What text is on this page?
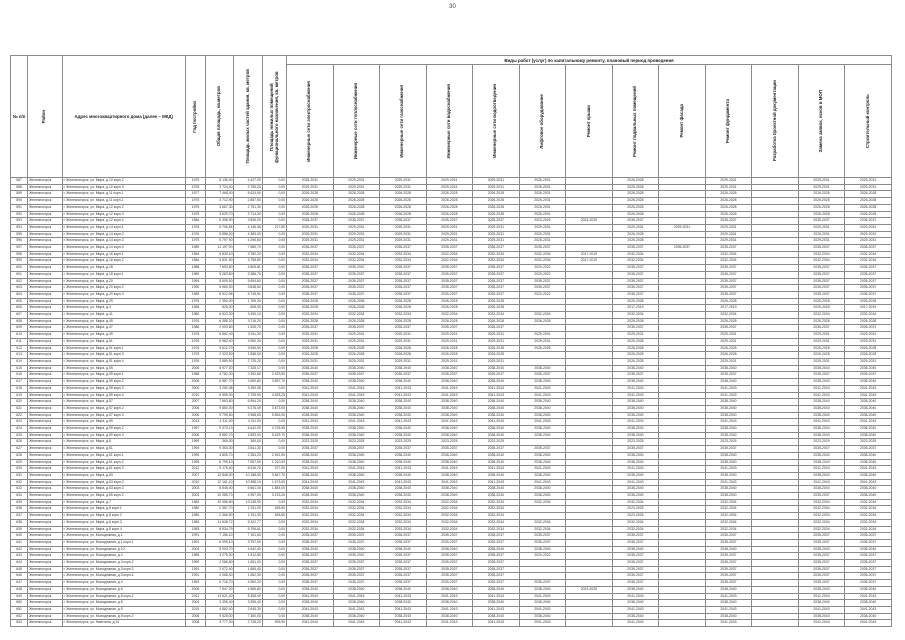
30
№ п/п	Район	Адрес многоквартирного дома (далее – МКД)	Год постройки	Общая площадь, кв.метров	Площадь жилых частей здания, кв. метров	Площадь нежилых помещений функционального назначения, кв. метров	Виды работ (услуг) по капитальному ремонту, плановый период проведения												

							Инженерные сети электроснабжения	Инженерные сети теплоснабжения	Инженерные сети газоснабжения	Инженерные сети водоснабжения	Инженерные сети водоотведения	Лифтовое оборудование	Ремонт крыши	Ремонт подвальных помещений	Ремонт фасада	Ремонт фундамента	Разработка проектной документации	Замена заявок, исков в МОП	Строительный контроль

587	Железногорск	г. Железногорск, ул. Мира, д.10 корп.2	1979	5 136,00	4 427,90	0,00	2025-2031	2029-2031	2029-2031	2029-2031	2029-2031	2026-2031		2026-2028		2029-2031		2029-2031	2029-2031
588	Железногорск	г. Железногорск, ул. Мира, д.10 корп.3	1978	3 724,40	2 755,20	0,00	2029-2031	2029-2031	2029-2031	2029-2031	2029-2031	2026-2031		2026-2028		2029-2031		2029-2031	2029-2031
589	Железногорск	г. Железногорск, ул. Мира, д.11 корп.1	1977	7 468,40	5 624,50	0,00	2026-2028	2026-2028	2026-2028	2026-2028	2026-2028	2026-2031		2026-2028		2026-2028		2026-2028	2026-2028
590	Железногорск	г. Железногорск, ул. Мира, д.11 корп.2	1975	3 712,90	2 857,50	0,00	2026-2028	2026-2028	2026-2028	2026-2028	2026-2028	2026-2031		2026-2028		2026-2028		2026-2028	2026-2028
591	Железногорск	г. Железногорск, ул. Мира, д.12 корп.2	1975	3 667,30	2 751,30	0,00	2026-2028	2026-2028	2026-2028	2026-2028	2026-2028	2026-2031		2026-2028		2026-2028		2026-2028	2026-2028
592	Железногорск	г. Железногорск, ул. Мира, д.12 корп.3	1975	3 629,70	2 714,30	0,00	2026-2028	2026-2028	2026-2028	2026-2028	2026-2028	2026-2031		2026-2028		2026-2028		2026-2028	2026-2028
593	Железногорск	г. Железногорск, ул. Мира, д.12 корп.4	1984	5 396,90	3 845,00	0,00	2035-2037	2035-2037	2035-2037	2035-2037	2035-2037	2023-2025	2023-2025	2035-2037		2035-2037		2035-2037	2035-2037
594	Железногорск	г. Железногорск, ул. Мира, д.14 корп.1	1976	5 706,84	4 146,06	217,80	2029-2031	2029-2031	2029-2031	2029-2031	2029-2031	2029-2031		2029-2031	2029-2031	2029-2031		2029-2031	2029-2031
595	Железногорск	г. Железногорск, ул. Мира, д.14 корп.2	1976	5 888,00	4 383,00	0,00	2029-2031	2029-2031	2029-2031	2029-2031	2029-2031	2029-2031		2026-2028		2029-2031		2029-2031	2029-2031
596	Железногорск	г. Железногорск, ул. Мира, д.14 корп.3	1975	5 797,90	4 296,60	0,00	2029-2031	2029-2031	2029-2031	2029-2031	2029-2031	2026-2031		2026-2028		2029-2031		2029-2031	2029-2031
597	Железногорск	г. Железногорск, ул. Мира, д.14 корп.4	1989	11 197,90	7 680,70	0,00	2035-2037	2035-2037	2035-2037	2035-2037	2035-2037	2035-2037		2035-2037	2035-2037	2035-2037		2035-2037	2035-2037
598	Железногорск	г. Железногорск, ул. Мира, д.16 корп.1	1984	5 830,10	3 780,20	0,00	2032-2034	2032-2034	2032-2034	2032-2034	2032-2034	2032-2034	2017-2019	2032-2034		2032-2034		2032-2034	2032-2034
599	Железногорск	г. Железногорск, ул. Мира, д.16 корп.2	1984	5 831,50	3 798,80	0,00	2032-2034	2032-2034	2032-2034	2032-2034	2032-2034	2032-2034	2017-2019	2032-2034		2032-2034		2032-2034	2032-2034
600	Железногорск	г. Железногорск, ул. Мира, д.18	1988	7 693,50	4 805,81	0,00	2035-2037	2035-2037	2035-2037	2035-2037	2035-2037	2020-2022		2035-2037		2035-2037		2035-2037	2035-2037
601	Железногорск	г. Железногорск, ул. Мира, д.18 корп.1	1989	5 283,60	3 386,70	0,00	2035-2037	2035-2037	2035-2037	2035-2037	2035-2037	2020-2022		2035-2037		2035-2037		2035-2037	2035-2037
602	Железногорск	г. Железногорск, ул. Мира, д.20	1994	8 609,50	5 694,60	0,00	2035-2037	2035-2037	2035-2037	2035-2037	2035-2037	2035-2037		2035-2037		2035-2037		2035-2037	2035-2037
603	Железногорск	г. Железногорск, ул. Мира, д.20 корп.2	1990	5 960,90	3 848,60	0,00	2035-2037	2035-2037	2035-2037	2035-2037	2035-2037	2035-2037		2035-2037		2035-2037		2035-2037	2035-2037
604	Железногорск	г. Железногорск, ул. Мира, д.20 корп.3	1989	8 512,96	5 745,91	0,00	2035-2037	2035-2037	2035-2037	2035-2037	2035-2037	2020-2022		2035-2037		2035-2037		2035-2037	2035-2037
605	Железногорск	г. Железногорск, ул. Мира, д.29	1975	2 350,00	1 765,30	0,00	2026-2028	2026-2028	2026-2028	2026-2028	2026-2028			2026-2028		2026-2028		2026-2028	2026-2028
606	Железногорск	г. Железногорск, ул. Мира, д.4	1968	826,00	608,00	0,00	2026-2028	2026-2028	2026-2028	2026-2028	2026-2028			2017-2019		2017-2019		2026-2028	2017-2019
607	Железногорск	г. Железногорск, ул. Мира, д.41	1980	6 523,30	3 490,10	0,00	2032-2034	2032-2034	2032-2034	2032-2034	2032-2034	2032-2034		2032-2034		2032-2034		2032-2034	2032-2034
608	Железногорск	г. Железногорск, ул. Мира, д.45	1976	6 385,20	3 716,20	0,00	2026-2028	2026-2028	2026-2028	2026-2028	2026-2028	2026-2028		2026-2028		2026-2028		2026-2028	2026-2028
609	Железногорск	г. Железногорск, ул. Мира, д.47	1986	2 003,60	1 526,70	0,00	2035-2037	2035-2037	2035-2037	2035-2037	2035-2037			2035-2037		2035-2037		2035-2037	2035-2037
610	Железногорск	г. Железногорск, ул. Мира, д.49	1976	6 862,40	3 911,30	0,00	2029-2031	2029-2031	2029-2031	2029-2031	2029-2031	2029-2031		2029-2031		2029-2031		2029-2031	2029-2031
611	Железногорск	г. Железногорск, ул. Мира, д.51	1976	6 982,40	3 950,30	0,00	2029-2031	2029-2031	2029-2031	2029-2031	2029-2031	2029-2031		2026-2028		2029-2031		2029-2031	2029-2031
612	Железногорск	г. Железногорск, ул. Мира, д.51 корп.1	1976	5 612,70	3 945,50	0,00	2026-2028	2026-2028	2026-2028	2026-2028	2026-2028	2026-2028		2026-2028		2026-2028		2026-2028	2026-2028
613	Железногорск	г. Железногорск, ул. Мира, д.51 корп.3	1975	2 323,50	1 838,00	0,00	2026-2028	2026-2028	2026-2028	2026-2028	2026-2028			2026-2028		2026-2028		2026-2028	2026-2028
614	Железногорск	г. Железногорск, ул. Мира, д.51 корп.4	1976	3 589,90	2 725,20	0,00	2029-2031	2029-2031	2029-2031	2029-2031	2029-2031			2026-2028		2029-2031		2029-2031	2029-2031
615	Железногорск	г. Железногорск, ул. Мира, д.55	2006	8 977,20	7 328,17	0,00	2038-2040	2038-2040	2038-2040	2038-2040	2038-2040	2038-2040		2038-2040		2038-2040		2038-2040	2038-2040
616	Железногорск	г. Железногорск, ул. Мира, д.55 корп.1	1988	4 782,30	2 352,80	2 429,50	2035-2037	2035-2037	2035-2037	2035-2037	2035-2037	2035-2037		2035-2037		2035-2037		2035-2037	2035-2037
617	Железногорск	г. Железногорск, ул. Мира, д.55 корп.2	2006	6 587,70	2 690,80	3 897,70	2038-2040	2038-2040	2038-2040	2038-2040	2038-2040	2038-2040		2038-2040		2038-2040		2038-2040	2038-2040
618	Железногорск	г. Железногорск, ул. Мира, д.55 корп.3	2000	3 250,38	3 250,38	0,00	2041-2043	2041-2043	2041-2043	2041-2043	2041-2043	2041-2043		2041-2043		2041-2043		2041-2043	2041-2043
619	Железногорск	г. Железногорск, ул. Мира, д.55 корп.4	2010	6 595,00	2 705,90	4 528,20	2041-2043	2041-2043	2041-2043	2041-2043	2041-2043	2041-2043		2041-2043		2041-2043		2041-2043	2041-2043
620	Железногорск	г. Железногорск, ул. Мира, д.57	2007	7 663,60	6 594,20	0,00	2038-2040	2038-2040	2038-2040	2038-2040	2038-2040	2038-2040		2038-2040		2038-2040		2038-2040	2038-2040
621	Железногорск	г. Железногорск, ул. Мира, д.57 корп.2	2006	9 850,00	5 376,49	3 873,00	2038-2040	2038-2040	2038-2040	2038-2040	2038-2040	2038-2040		2038-2040		2038-2040		2038-2040	2038-2040
622	Железногорск	г. Железногорск, ул. Мира, д.57 корп.3	2006	9 795,50	3 968,60	5 826,90	2038-2040	2038-2040	2038-2040	2038-2040	2038-2040	2038-2040		2038-2040		2038-2040		2038-2040	2038-2040
623	Железногорск	г. Железногорск, ул. Мира, д.59	2013	4 311,00	4 311,00	0,00	2041-2043	2041-2043	2041-2043	2041-2043	2041-2043	2041-2043		2041-2043		2041-2043		2041-2043	2041-2043
624	Железногорск	г. Железногорск, ул. Мира, д.59 корп.2	1997	9 370,13	4 642,90	4 725,95	2038-2040	2038-2040	2038-2040	2038-2040	2038-2040	2038-2040		2038-2040		2038-2040		2038-2040	2038-2040
625	Железногорск	г. Железногорск, ул. Мира, д.59 корп.3	2006	8 882,70	4 553,00	5 429,70	2038-2040	2038-2040	2038-2040	2038-2040	2038-2040	2038-2040		2038-2040		2038-2040		2038-2040	2038-2040
626	Железногорск	г. Железногорск, ул. Мира, д.6	1969	365,00	365,00	0,00	2023-2025	2023-2025	2023-2025	2023-2025	2023-2025			2023-2025		2023-2025		2023-2025	2023-2025
627	Железногорск	г. Железногорск, ул. Мира, д.61	1994	9 363,30	3 841,30	0,00	2035-2037	2035-2037	2035-2037	2035-2037	2035-2037	2035-2037		2035-2037		2035-2037		2035-2037	2035-2037
628	Железногорск	г. Железногорск, ул. Мира, д.61 корп.1	1995	4 805,70	2 354,20	2 451,50	2038-2040	2038-2040	2038-2040	2038-2040	2038-2040	2038-2040		2038-2040		2038-2040		2038-2040	2038-2040
629	Железногорск	г. Железногорск, ул. Мира, д.61 корп.2	1995	8 799,10	7 557,50	1 210,00	2038-2040	2038-2040	2038-2040	2038-2040	2038-2040	2038-2040		2038-2040		2038-2040		2038-2040	2038-2040
630	Железногорск	г. Железногорск, ул. Мира, д.61 корп.3	2012	9 176,40	6 916,70	377,00	2041-2043	2041-2043	2041-2043	2041-2043	2041-2043	2041-2043		2041-2043		2041-2043		2041-2043	2041-2043
631	Железногорск	г. Железногорск, ул. Мира, д.63	2007	12 848,00	10 188,60	3 847,70	2038-2040	2038-2040	2038-2040	2038-2040	2038-2040	2038-2040		2038-2040		2038-2040		2038-2040	2038-2040
632	Железногорск	г. Железногорск, ул. Мира, д.63 корп.2	2010	12 161,10	10 488,10	1 673,00	2041-2043	2041-2043	2041-2043	2041-2043	2041-2043	2041-2043		2041-2043		2041-2043		2041-2043	2041-2043
633	Железногорск	г. Железногорск, ул. Мира, д.63 корп.3	2003	8 545,00	6 661,00	1 884,00	2038-2040	2038-2040	2038-2040	2038-2040	2038-2040	2038-2040		2038-2040		2038-2040		2038-2040	2038-2040
634	Железногорск	г. Железногорск, ул. Мира, д.65 корп.2	2003	10 085,70	4 957,50	3 133,20	2038-2040	2038-2040	2038-2040	2038-2040	2038-2040	2038-2040		2038-2040		2038-2040		2035-2037	2038-2040
635	Железногорск	г. Железногорск, ул. Мира, д.7	1982	20 996,80	13 248,90	0,00	2032-2034	2032-2034	2032-2034	2032-2034	2032-2034	2032-2034		2032-2034		2032-2034		2032-2034	2032-2034
636	Железногорск	г. Железногорск, ул. Мира, д.8 корп.1	1980	2 367,70	1 911,90	455,90	2032-2034	2032-2034	2032-2034	2032-2034	2032-2034			2023-2025		2032-2034		2032-2034	2032-2034
637	Железногорск	г. Железногорск, ул. Мира, д.8 корп.2	1980	2 366,90	1 911,30	455,60	2032-2034	2032-2034	2032-2034	2032-2034	2032-2034			2023-2025		2032-2034		2032-2034	2032-2034
638	Железногорск	г. Железногорск, ул. Мира, д.8 корп.3	1983	11 538,72	5 322,77	0,00	2032-2034	2032-2034	2032-2034	2032-2034	2032-2034	2032-2034		2032-2034		2032-2034		2032-2034	2032-2034
639	Железногорск	г. Железногорск, ул. Мира, д.8 корп.4	1983	8 534,79	5 796,61	0,00	2032-2034	2032-2034	2032-2034	2032-2034	2032-2034	2032-2034		2032-2034		2032-2034		2032-2034	2032-2034
640	Железногорск	г. Железногорск, ул. Молодежная, д.1	1991	7 156,10	7 151,60	0,00	2035-2037	2035-2037	2035-2037	2035-2037	2035-2037	2035-2037		2035-2037		2035-2037		2035-2037	2035-2037
641	Железногорск	г. Железногорск, ул. Молодежная, д.1 корп.1	1991	6 099,10	3 797,50	0,00	2035-2037	2035-2037	2035-2037	2035-2037	2035-2037	2035-2037		2035-2037		2035-2037		2035-2037	2035-2037
642	Железногорск	г. Железногорск, ул. Молодежная, д.10	2004	5 003,70	4 642,40	0,00	2038-2040	2038-2040	2038-2040	2038-2040	2038-2040	2038-2040		2038-2040		2038-2040		2038-2040	2038-2040
643	Железногорск	г. Железногорск, ул. Молодежная, д.2	1989	3 278,30	1 812,80	0,00	2035-2037	2035-2037	2035-2037	2035-2037	2035-2037	2020-2022		2035-2037		2035-2037		2035-2037	2035-2037
644	Железногорск	г. Железногорск, ул. Молодежная, д.3 корп.2	1990	2 086,80	1 651,00	0,00	2035-2037	2035-2037	2035-2037	2035-2037	2035-2037			2035-2037		2035-2037		2035-2037	2035-2037
645	Железногорск	г. Железногорск, ул. Молодежная, д.3 корп.3	1991	2 072,40	1 665,40	0,00	2035-2037	2035-2037	2035-2037	2035-2037	2035-2037			2035-2037		2035-2037		2035-2037	2035-2037
646	Железногорск	г. Железногорск, ул. Молодежная, д.3 корп.4	1991	2 068,40	1 662,30	0,00	2035-2037	2035-2037	2035-2037	2035-2037	2035-2037			2035-2037		2035-2037		2035-2037	2035-2037
647	Железногорск	г. Железногорск, ул. Молодежная, д.4	1993	5 716,70	4 560,20	0,00	2035-2037	2035-2037	2035-2037	2035-2037	2035-2037	2035-2037		2035-2037		2035-2037		2035-2037	2035-2037
648	Железногорск	г. Железногорск, ул. Молодежная, д.6	2006	7 547,20	4 586,80	0,00	2038-2040	2038-2040	2038-2040	2038-2040	2038-2040	2038-2040	2023-2025	2038-2040		2038-2040		2038-2040	2038-2040
649	Железногорск	г. Железногорск, ул. Молодежная, д.6 корп.2	2011	13 621,40	8 308,40	0,00	2041-2043	2041-2043	2041-2043	2041-2043	2041-2043	2041-2043		2041-2043		2041-2043		2041-2043	2041-2043
650	Железногорск	г. Железногорск, ул. Молодежная, д.8	2004	3 395,40	3 395,40	0,00	2038-2040	2038-2040	2038-2040	2038-2040	2038-2040	2038-2040		2038-2040		2038-2040		2038-2040	2038-2040
651	Железногорск	г. Железногорск, ул. Молодежная, д.9	2015	4 862,40	2 645,30	0,00	2041-2043	2041-2043	2041-2043	2041-2043	2041-2043	2041-2043		2041-2043		2041-2043		2041-2043	2041-2043
652	Железногорск	г. Железногорск, ул. Молодежная, д.9 корп.2	2006	9 528,00	7 360,00	0,00	2038-2040	2038-2040	2038-2040	2038-2040	2038-2040	2038-2040		2038-2040		2038-2040		2038-2040	2038-2040
653	Железногорск	г. Железногорск, ул. Никитина, д.31	2008	3 777,00	2 728,20	935,90	2041-2043	2041-2043	2041-2043	2041-2043	2041-2043	2041-2043		2041-2043		2041-2043		2041-2043	2041-2043
